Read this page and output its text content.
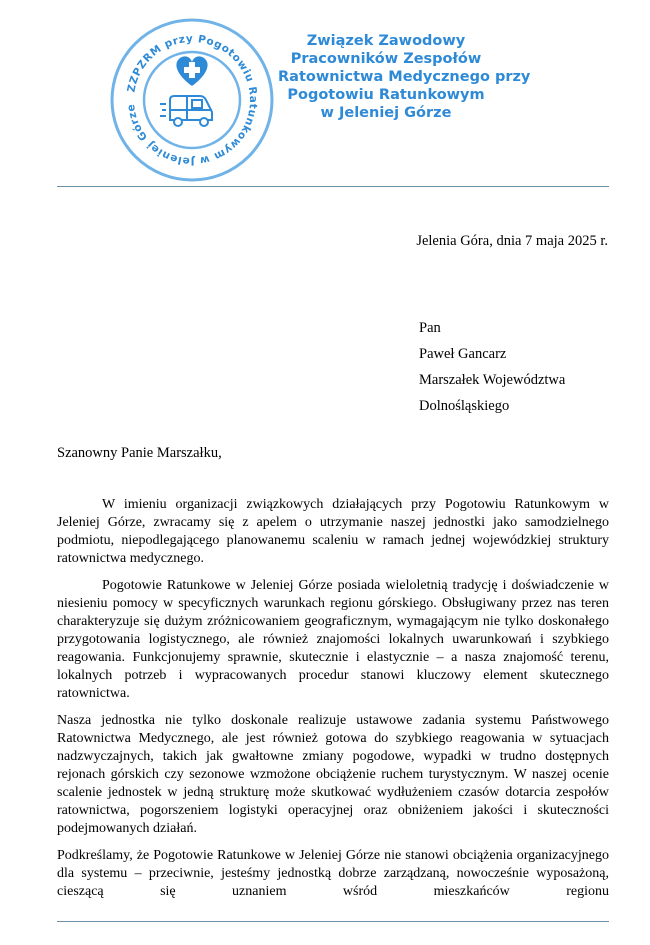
ZZPZRM przy Pogotowiu Ratunkowym w Jeleniej Górze
Związek Zawodowy
Pracowników Zespołów
Ratownictwa Medycznego przy
Pogotowiu Ratunkowym
w Jeleniej Górze
Jelenia Góra, dnia 7 maja 2025 r.
Pan
Paweł Gancarz
Marszałek Województwa
Dolnośląskiego
Szanowny Panie Marszałku,

W imieniu organizacji związkowych działających przy Pogotowiu Ratunkowym w Jeleniej Górze, zwracamy się z apelem o utrzymanie naszej jednostki jako samodzielnego podmiotu, niepodlegającego planowanemu scaleniu w ramach jednej wojewódzkiej struktury ratownictwa medycznego.

Pogotowie Ratunkowe w Jeleniej Górze posiada wieloletnią tradycję i doświadczenie w niesieniu pomocy w specyficznych warunkach regionu górskiego. Obsługiwany przez nas teren charakteryzuje się dużym zróżnicowaniem geograficznym, wymagającym nie tylko doskonałego przygotowania logistycznego, ale również znajomości lokalnych uwarunkowań i szybkiego reagowania. Funkcjonujemy sprawnie, skutecznie i elastycznie – a nasza znajomość terenu, lokalnych potrzeb i wypracowanych procedur stanowi kluczowy element skutecznego ratownictwa.

Nasza jednostka nie tylko doskonale realizuje ustawowe zadania systemu Państwowego Ratownictwa Medycznego, ale jest również gotowa do szybkiego reagowania w sytuacjach nadzwyczajnych, takich jak gwałtowne zmiany pogodowe, wypadki w trudno dostępnych rejonach górskich czy sezonowe wzmożone obciążenie ruchem turystycznym. W naszej ocenie scalenie jednostek w jedną strukturę może skutkować wydłużeniem czasów dotarcia zespołów ratownictwa, pogorszeniem logistyki operacyjnej oraz obniżeniem jakości i skuteczności podejmowanych działań.

Podkreślamy, że Pogotowie Ratunkowe w Jeleniej Górze nie stanowi obciążenia organizacyjnego dla systemu – przeciwnie, jesteśmy jednostką dobrze zarządzaną, nowocześnie wyposażoną, cieszącą się uznaniem wśród mieszkańców regionu
